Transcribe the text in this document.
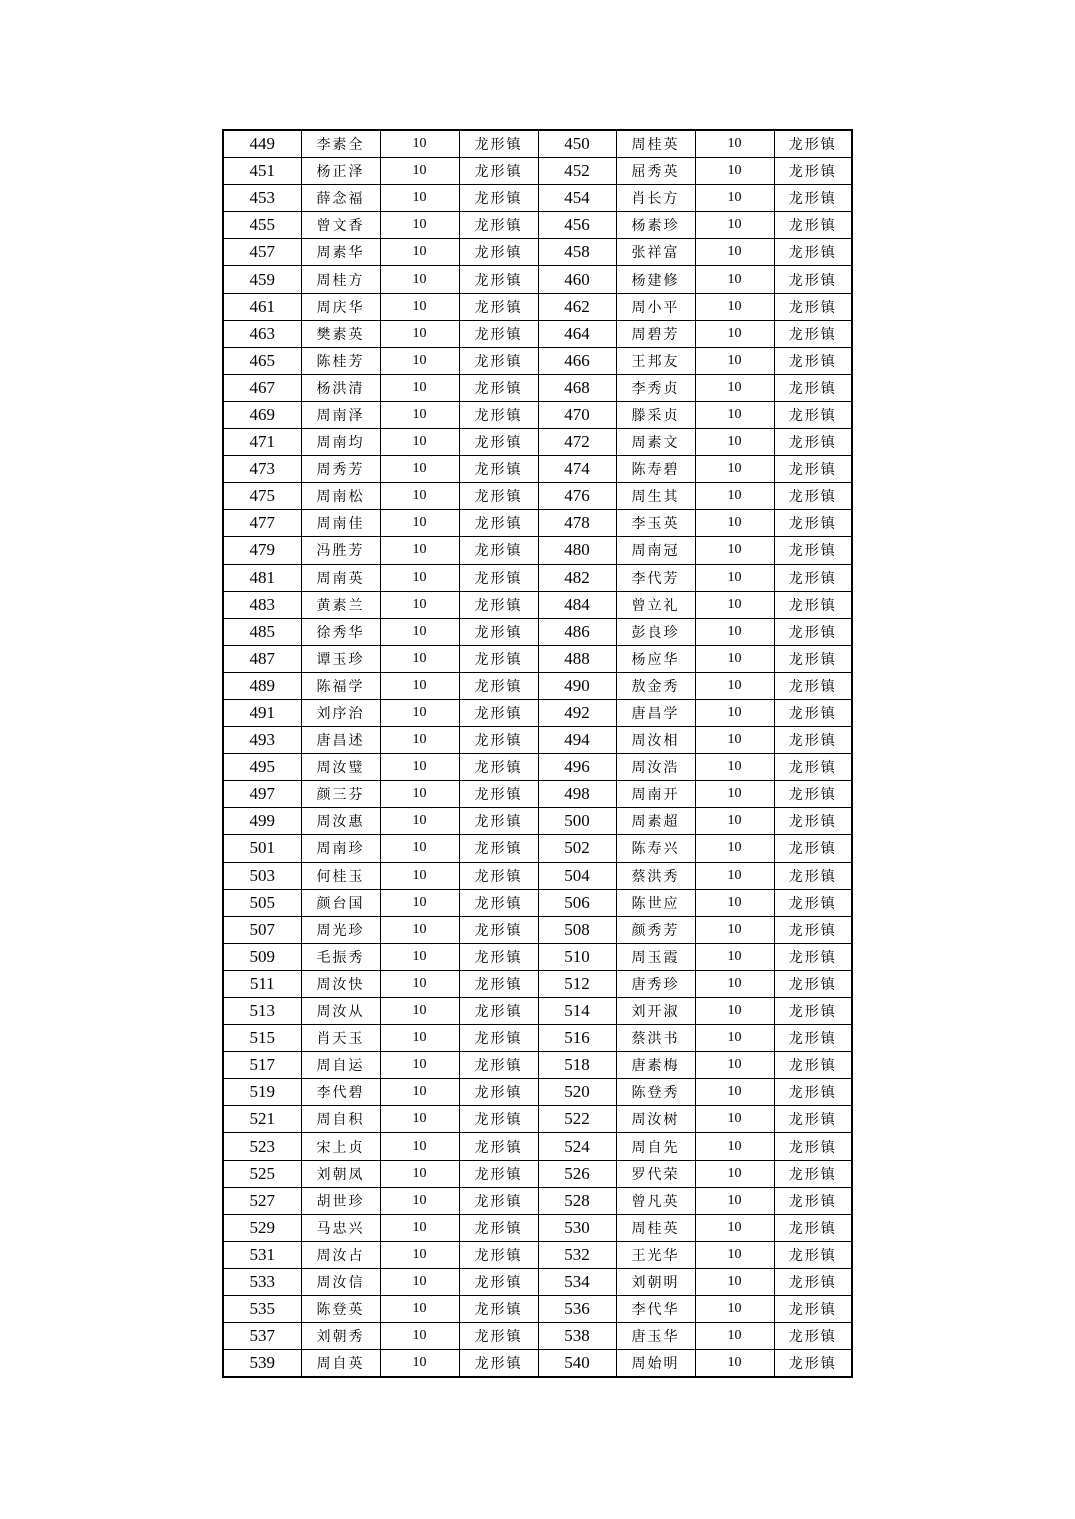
449	李素全	10	龙形镇	450	周桂英	10	龙形镇
451	杨正泽	10	龙形镇	452	屈秀英	10	龙形镇
453	薛念福	10	龙形镇	454	肖长方	10	龙形镇
455	曾文香	10	龙形镇	456	杨素珍	10	龙形镇
457	周素华	10	龙形镇	458	张祥富	10	龙形镇
459	周桂方	10	龙形镇	460	杨建修	10	龙形镇
461	周庆华	10	龙形镇	462	周小平	10	龙形镇
463	樊素英	10	龙形镇	464	周碧芳	10	龙形镇
465	陈桂芳	10	龙形镇	466	王邦友	10	龙形镇
467	杨洪清	10	龙形镇	468	李秀贞	10	龙形镇
469	周南泽	10	龙形镇	470	滕采贞	10	龙形镇
471	周南均	10	龙形镇	472	周素文	10	龙形镇
473	周秀芳	10	龙形镇	474	陈寿碧	10	龙形镇
475	周南松	10	龙形镇	476	周生其	10	龙形镇
477	周南佳	10	龙形镇	478	李玉英	10	龙形镇
479	冯胜芳	10	龙形镇	480	周南冠	10	龙形镇
481	周南英	10	龙形镇	482	李代芳	10	龙形镇
483	黄素兰	10	龙形镇	484	曾立礼	10	龙形镇
485	徐秀华	10	龙形镇	486	彭良珍	10	龙形镇
487	谭玉珍	10	龙形镇	488	杨应华	10	龙形镇
489	陈福学	10	龙形镇	490	敖金秀	10	龙形镇
491	刘序治	10	龙形镇	492	唐昌学	10	龙形镇
493	唐昌述	10	龙形镇	494	周汝相	10	龙形镇
495	周汝璧	10	龙形镇	496	周汝浩	10	龙形镇
497	颜三芬	10	龙形镇	498	周南开	10	龙形镇
499	周汝惠	10	龙形镇	500	周素超	10	龙形镇
501	周南珍	10	龙形镇	502	陈寿兴	10	龙形镇
503	何桂玉	10	龙形镇	504	蔡洪秀	10	龙形镇
505	颜台国	10	龙形镇	506	陈世应	10	龙形镇
507	周光珍	10	龙形镇	508	颜秀芳	10	龙形镇
509	毛振秀	10	龙形镇	510	周玉霞	10	龙形镇
511	周汝快	10	龙形镇	512	唐秀珍	10	龙形镇
513	周汝从	10	龙形镇	514	刘开淑	10	龙形镇
515	肖天玉	10	龙形镇	516	蔡洪书	10	龙形镇
517	周自运	10	龙形镇	518	唐素梅	10	龙形镇
519	李代碧	10	龙形镇	520	陈登秀	10	龙形镇
521	周自积	10	龙形镇	522	周汝树	10	龙形镇
523	宋上贞	10	龙形镇	524	周自先	10	龙形镇
525	刘朝凤	10	龙形镇	526	罗代荣	10	龙形镇
527	胡世珍	10	龙形镇	528	曾凡英	10	龙形镇
529	马忠兴	10	龙形镇	530	周桂英	10	龙形镇
531	周汝占	10	龙形镇	532	王光华	10	龙形镇
533	周汝信	10	龙形镇	534	刘朝明	10	龙形镇
535	陈登英	10	龙形镇	536	李代华	10	龙形镇
537	刘朝秀	10	龙形镇	538	唐玉华	10	龙形镇
539	周自英	10	龙形镇	540	周始明	10	龙形镇
